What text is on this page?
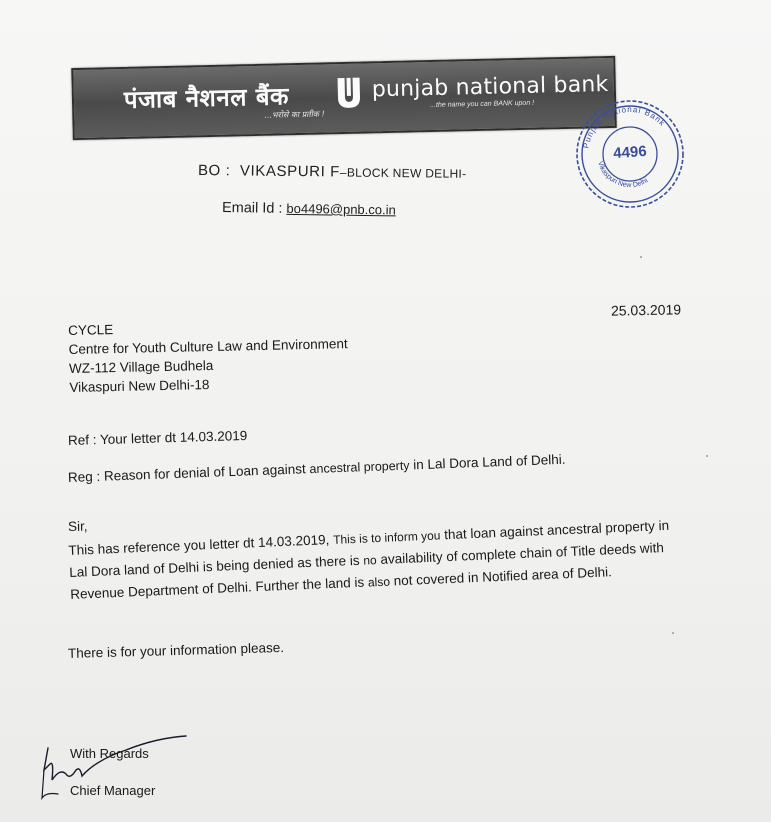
पंजाब नैशनल बैंक
...भरोसे का प्रतीक !
punjab national bank
...the name you can BANK upon !
Punjab National Bank
Vikaspuri New Delhi
4496
BO : VIKASPURI F–BLOCK NEW DELHI-
Email Id : bo4496@pnb.co.in
25.03.2019
CYCLE
Centre for Youth Culture Law and Environment
WZ-112 Village Budhela
Vikaspuri New Delhi-18
Ref : Your letter dt 14.03.2019
Reg : Reason for denial of Loan against ancestral property in Lal Dora Land of Delhi.
Sir,
This has reference you letter dt 14.03.2019, This is to inform you that loan against ancestral property in
Lal Dora land of Delhi is being denied as there is no availability of complete chain of Title deeds with
Revenue Department of Delhi. Further the land is also not covered in Notified area of Delhi.
There is for your information please.
With Regards
Chief Manager
